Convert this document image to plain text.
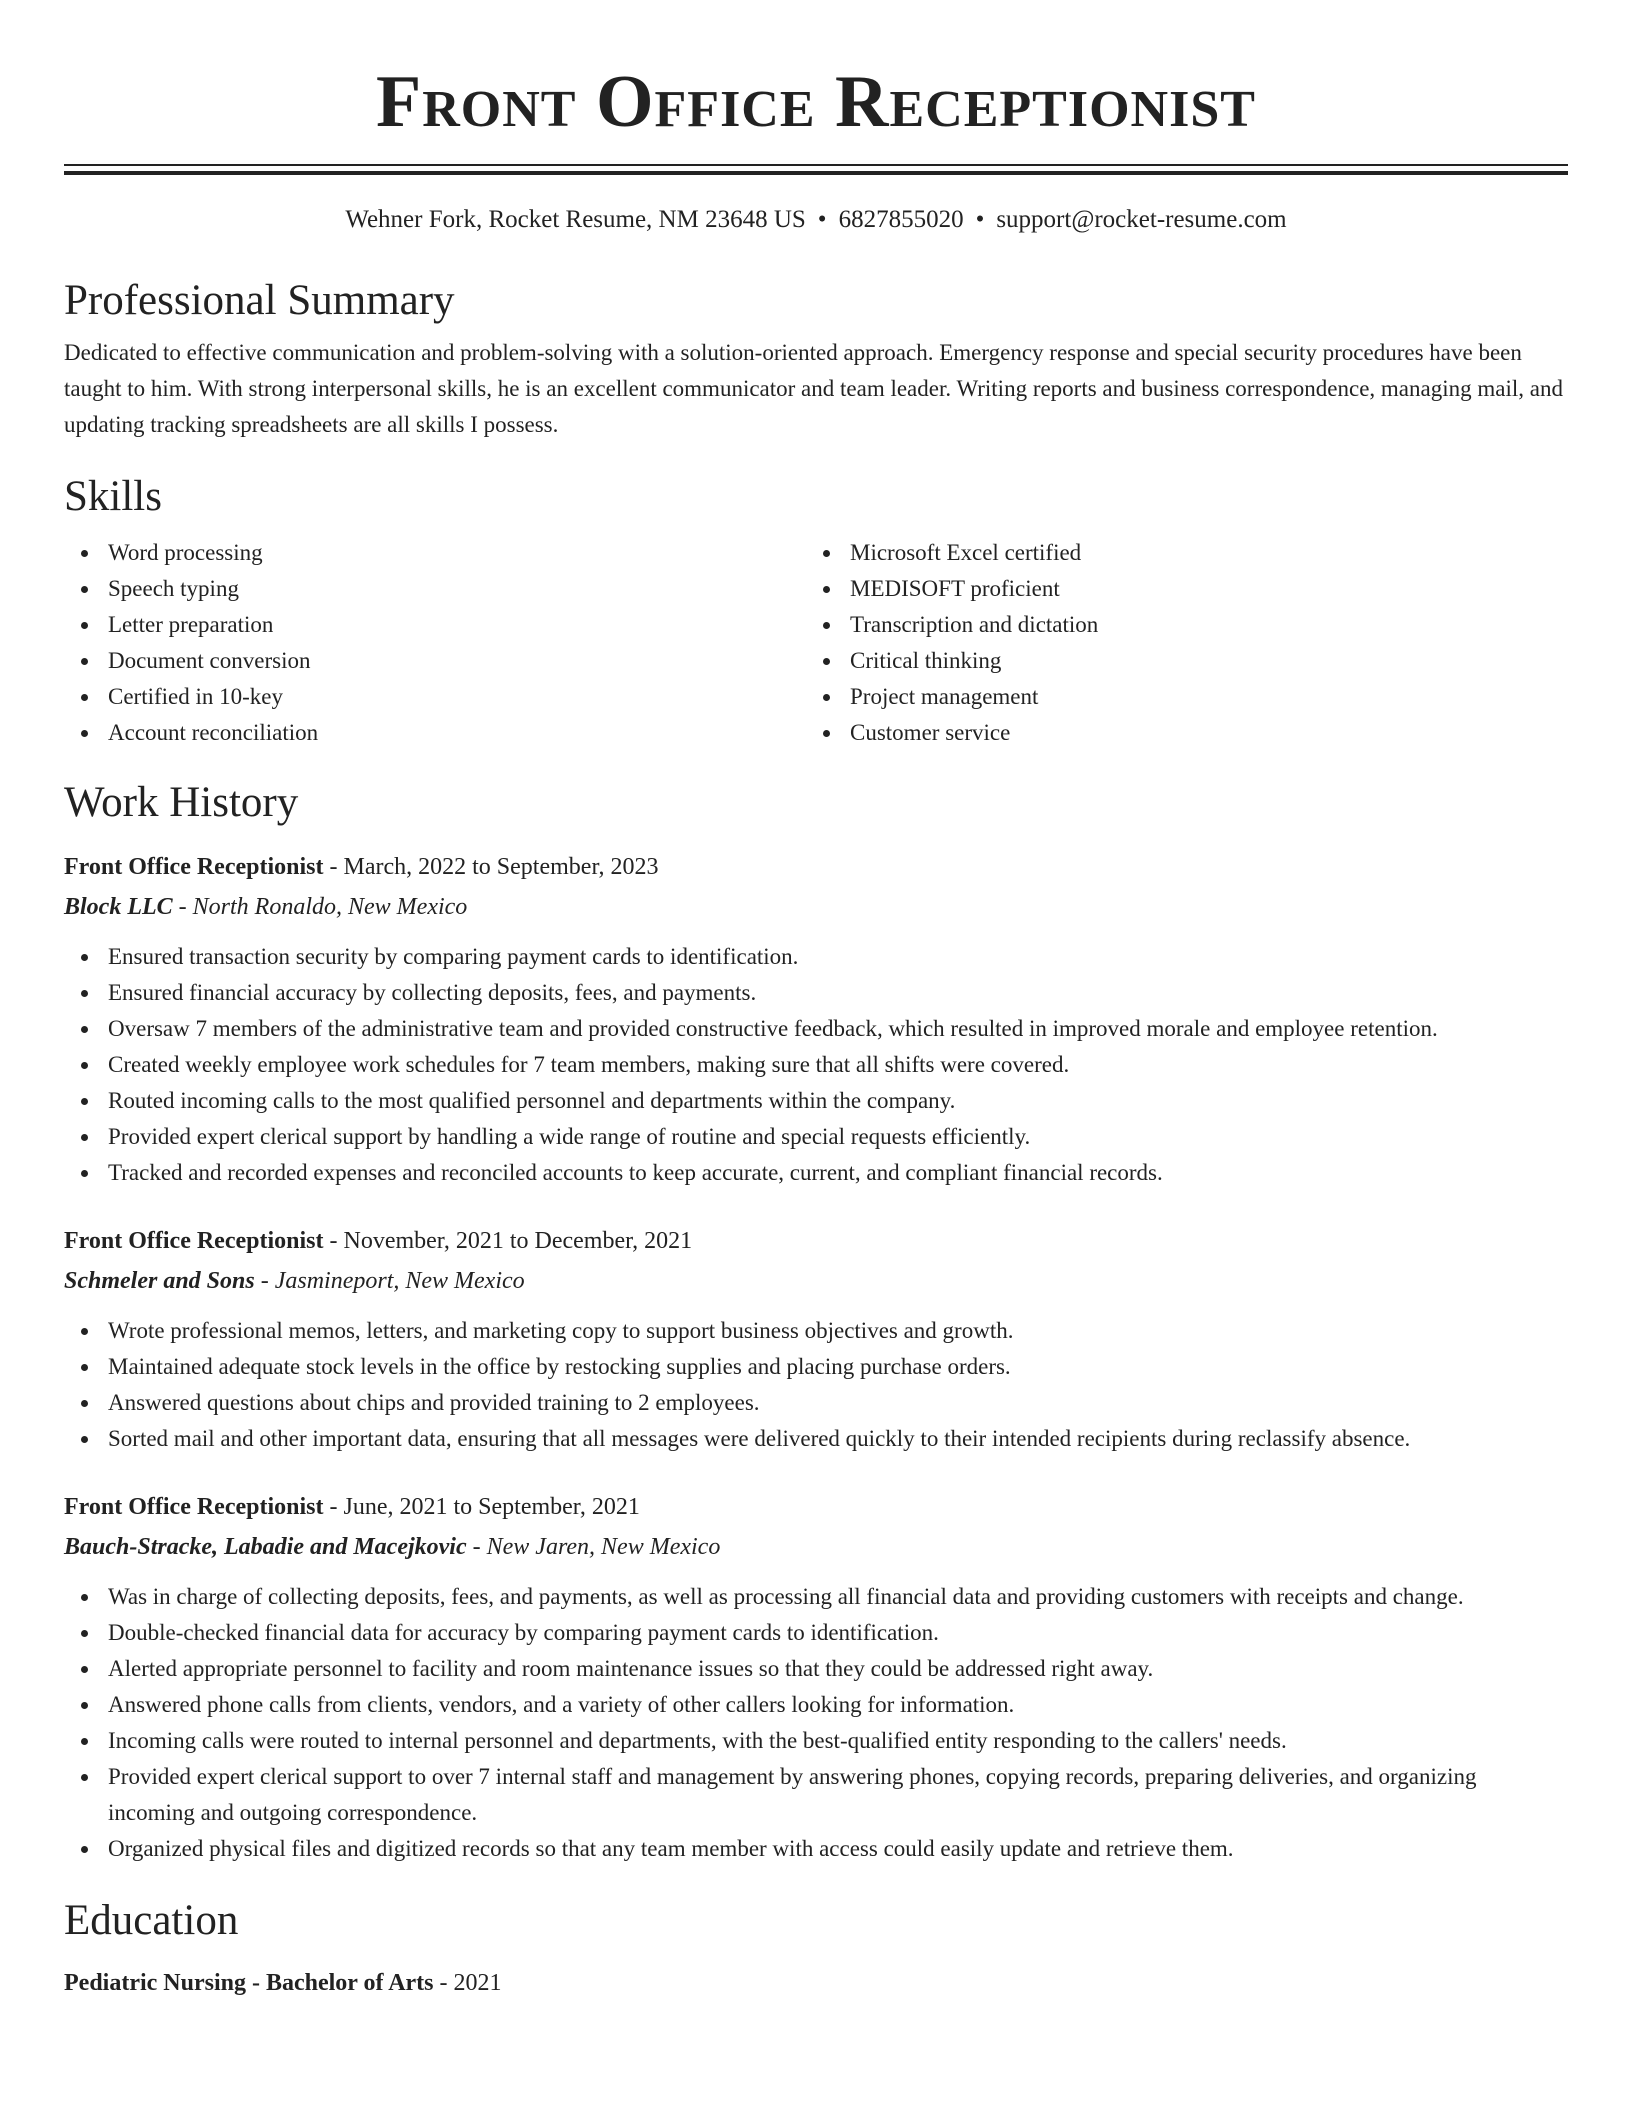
Front Office Receptionist
Wehner Fork, Rocket Resume, NM 23648 US • 6827855020 • support@rocket-resume.com
Professional Summary

Dedicated to effective communication and problem-solving with a solution-oriented approach. Emergency response and special security procedures have been taught to him. With strong interpersonal skills, he is an excellent communicator and team leader. Writing reports and business correspondence, managing mail, and updating tracking spreadsheets are all skills I possess.

Skills
Word processing
Speech typing
Letter preparation
Document conversion
Certified in 10-key
Account reconciliation
Microsoft Excel certified
MEDISOFT proficient
Transcription and dictation
Critical thinking
Project management
Customer service
Work History
Front Office Receptionist - March, 2022 to September, 2023
Block LLC - North Ronaldo, New Mexico
Ensured transaction security by comparing payment cards to identification.
Ensured financial accuracy by collecting deposits, fees, and payments.
Oversaw 7 members of the administrative team and provided constructive feedback, which resulted in improved morale and employee retention.
Created weekly employee work schedules for 7 team members, making sure that all shifts were covered.
Routed incoming calls to the most qualified personnel and departments within the company.
Provided expert clerical support by handling a wide range of routine and special requests efficiently.
Tracked and recorded expenses and reconciled accounts to keep accurate, current, and compliant financial records.
Front Office Receptionist - November, 2021 to December, 2021
Schmeler and Sons - Jasmineport, New Mexico
Wrote professional memos, letters, and marketing copy to support business objectives and growth.
Maintained adequate stock levels in the office by restocking supplies and placing purchase orders.
Answered questions about chips and provided training to 2 employees.
Sorted mail and other important data, ensuring that all messages were delivered quickly to their intended recipients during reclassify absence.
Front Office Receptionist - June, 2021 to September, 2021
Bauch-Stracke, Labadie and Macejkovic - New Jaren, New Mexico
Was in charge of collecting deposits, fees, and payments, as well as processing all financial data and providing customers with receipts and change.
Double-checked financial data for accuracy by comparing payment cards to identification.
Alerted appropriate personnel to facility and room maintenance issues so that they could be addressed right away.
Answered phone calls from clients, vendors, and a variety of other callers looking for information.
Incoming calls were routed to internal personnel and departments, with the best-qualified entity responding to the callers' needs.
Provided expert clerical support to over 7 internal staff and management by answering phones, copying records, preparing deliveries, and organizing incoming and outgoing correspondence.
Organized physical files and digitized records so that any team member with access could easily update and retrieve them.
Education
Pediatric Nursing - Bachelor of Arts - 2021
